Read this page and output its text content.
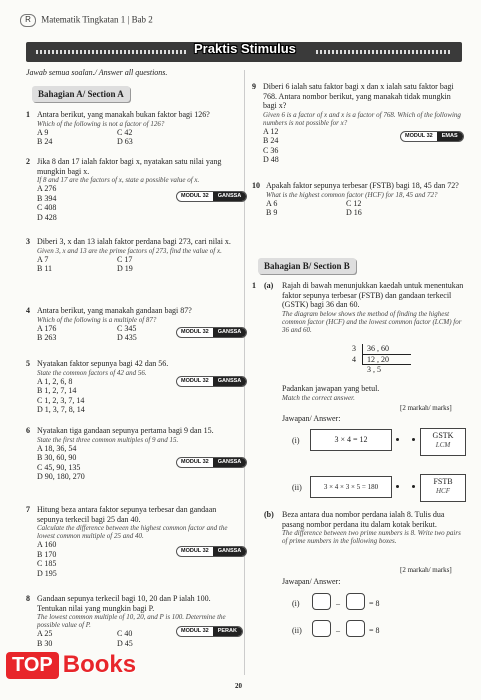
R Matematik Tingkatan 1 | Bab 2
Praktis Stimulus
Jawab semua soalan./ Answer all questions.
Bahagian A/ Section A
1 Antara berikut, yang manakah bukan faktor bagi 126?
Which of the following is not a factor of 126?
A 9	C 42
B 24	D 63
2 Jika 8 dan 17 ialah faktor bagi x, nyatakan satu nilai yang mungkin bagi x.
If 8 and 17 are the factors of x, state a possible value of x.
A 276
B 394
C 408
D 428
MODUL 32 GANSSA
3 Diberi 3, x dan 13 ialah faktor perdana bagi 273, cari nilai x.
Given 3, x and 13 are the prime factors of 273, find the value of x.
A 7	C 17
B 11	D 19
4 Antara berikut, yang manakah gandaan bagi 87?
Which of the following is a multiple of 87?
A 176	C 345
B 263	D 435
MODUL 32 GANSSA
5 Nyatakan faktor sepunya bagi 42 dan 56.
State the common factors of 42 and 56.
A 1, 2, 6, 8
B 1, 2, 7, 14
C 1, 2, 3, 7, 14
D 1, 3, 7, 8, 14
MODUL 32 GANSSA
6 Nyatakan tiga gandaan sepunya pertama bagi 9 dan 15.
State the first three common multiples of 9 and 15.
A 18, 36, 54
B 30, 60, 90
C 45, 90, 135
D 90, 180, 270
MODUL 32 GANSSA
7 Hitung beza antara faktor sepunya terbesar dan gandaan sepunya terkecil bagi 25 dan 40.
Calculate the difference between the highest common factor and the lowest common multiple of 25 and 40.
A 160
B 170
C 185
D 195
MODUL 32 GANSSA
8 Gandaan sepunya terkecil bagi 10, 20 dan P ialah 100. Tentukan nilai yang mungkin bagi P.
The lowest common multiple of 10, 20, and P is 100. Determine the possible value of P.
A 25	C 40
B 30	D 45
MODUL 32 PERAK
9 Diberi 6 ialah satu faktor bagi x dan x ialah satu faktor bagi 768. Antara nombor berikut, yang manakah tidak mungkin bagi x?
Given 6 is a factor of x and x is a factor of 768. Which of the following numbers is not possible for x?
A 12
B 24
C 36
D 48
MODUL 32 EMAS
10 Apakah faktor sepunya terbesar (FSTB) bagi 18, 45 dan 72?
What is the highest common factor (HCF) for 18, 45 and 72?
A 6	C 12
B 9	D 16
Bahagian B/ Section B
1 (a) Rajah di bawah menunjukkan kaedah untuk menentukan faktor sepunya terbesar (FSTB) dan gandaan terkecil (GSTK) bagi 36 dan 60.
The diagram below shows the method of finding the highest common factor (HCF) and the lowest common factor (LCM) for 36 and 60.
3	36 , 60
4	12 , 20
3 , 5
Padankan jawapan yang betul.
Match the correct answer.
[2 markah/ marks]
Jawapan/ Answer:
(i)	3 × 4 = 12	GSTK
LCM
(ii)	3 × 4 × 3 × 5 = 180
FSTB
HCF
(b) Beza antara dua nombor perdana ialah 8. Tulis dua pasang nombor perdana itu dalam kotak berikut.
The difference between two prime numbers is 8. Write two pairs of prime numbers in the following boxes.
[2 markah/ marks]
Jawapan/ Answer:
(i)	–	= 8
(ii)	–	= 8
20
TOP Books
